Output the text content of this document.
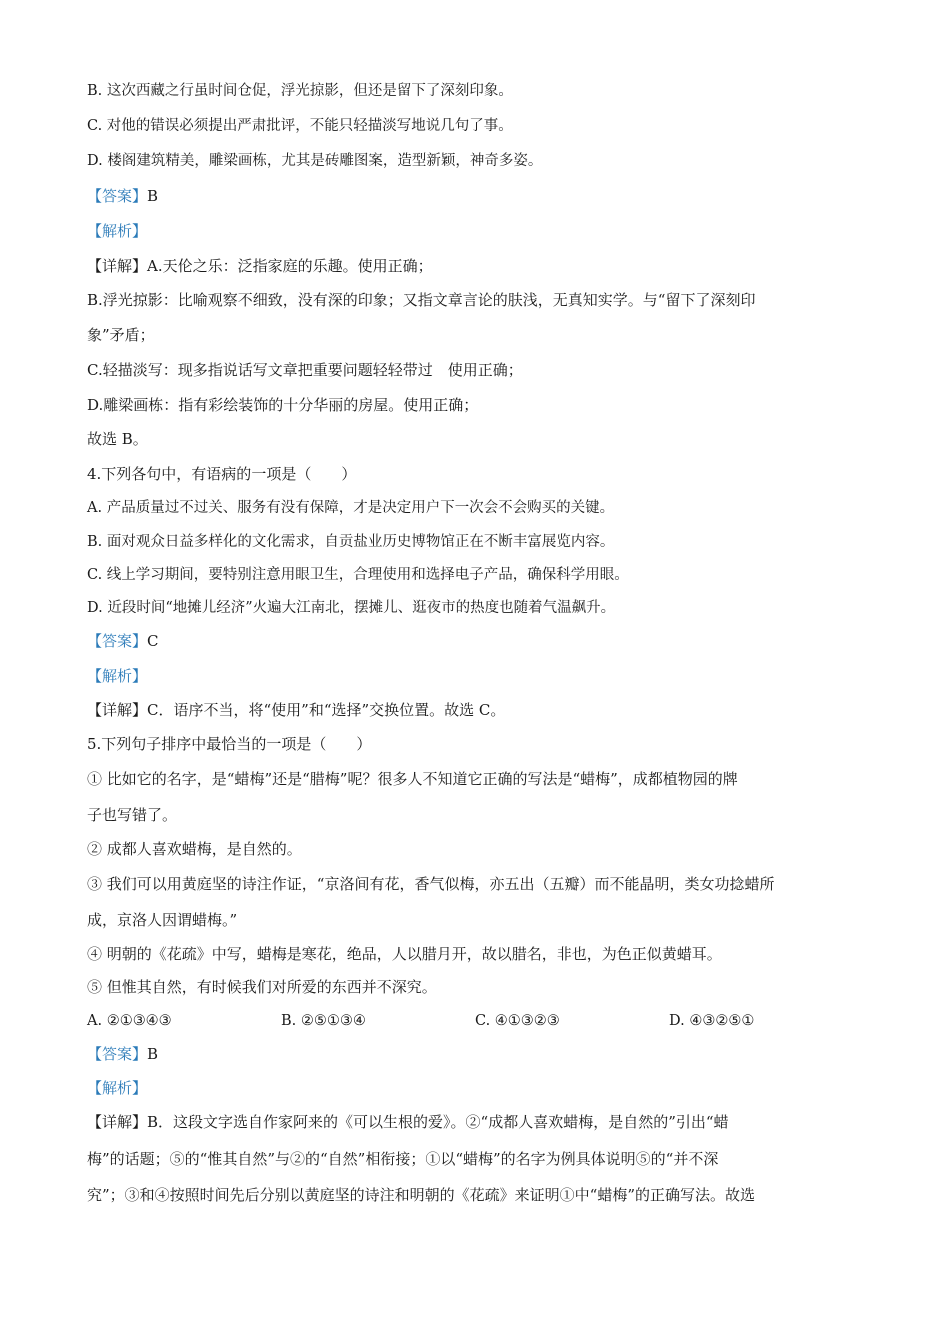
B. 这次西藏之行虽时间仓促，浮光掠影，但还是留下了深刻印象。
C. 对他的错误必须提出严肃批评，不能只轻描淡写地说几句了事。
D. 楼阁建筑精美，雕梁画栋，尤其是砖雕图案，造型新颖，神奇多姿。
【答案】B
【解析】
【详解】A.天伦之乐：泛指家庭的乐趣。使用正确；
B.浮光掠影：比喻观察不细致，没有深的印象；又指文章言论的肤浅，无真知实学。与“留下了深刻印
象”矛盾；
C.轻描淡写：现多指说话写文章把重要问题轻轻带过　使用正确；
D.雕梁画栋：指有彩绘装饰的十分华丽的房屋。使用正确；
故选 B。
4.下列各句中，有语病的一项是（　　）
A. 产品质量过不过关、服务有没有保障，才是决定用户下一次会不会购买的关键。
B. 面对观众日益多样化的文化需求，自贡盐业历史博物馆正在不断丰富展览内容。
C. 线上学习期间，要特别注意用眼卫生，合理使用和选择电子产品，确保科学用眼。
D. 近段时间“地摊儿经济”火遍大江南北，摆摊儿、逛夜市的热度也随着气温飙升。
【答案】C
【解析】
【详解】C．语序不当，将“使用”和“选择”交换位置。故选 C。
5.下列句子排序中最恰当的一项是（　　）
① 比如它的名字，是“蜡梅”还是“腊梅”呢？很多人不知道它正确的写法是“蜡梅”，成都植物园的牌
子也写错了。
② 成都人喜欢蜡梅，是自然的。
③ 我们可以用黄庭坚的诗注作证，“京洛间有花，香气似梅，亦五出（五瓣）而不能晶明，类女功捻蜡所
成，京洛人因谓蜡梅。”
④ 明朝的《花疏》中写，蜡梅是寒花，绝品，人以腊月开，故以腊名，非也，为色正似黄蜡耳。
⑤ 但惟其自然，有时候我们对所爱的东西并不深究。
A. ②①③④③	B. ②⑤①③④	C. ④①③②③	D. ④③②⑤①
【答案】B
【解析】
【详解】B．这段文字选自作家阿来的《可以生根的爱》。②“成都人喜欢蜡梅，是自然的”引出“蜡
梅”的话题；⑤的“惟其自然”与②的“自然”相衔接；①以“蜡梅”的名字为例具体说明⑤的“并不深
究”；③和④按照时间先后分别以黄庭坚的诗注和明朝的《花疏》来证明①中“蜡梅”的正确写法。故选
